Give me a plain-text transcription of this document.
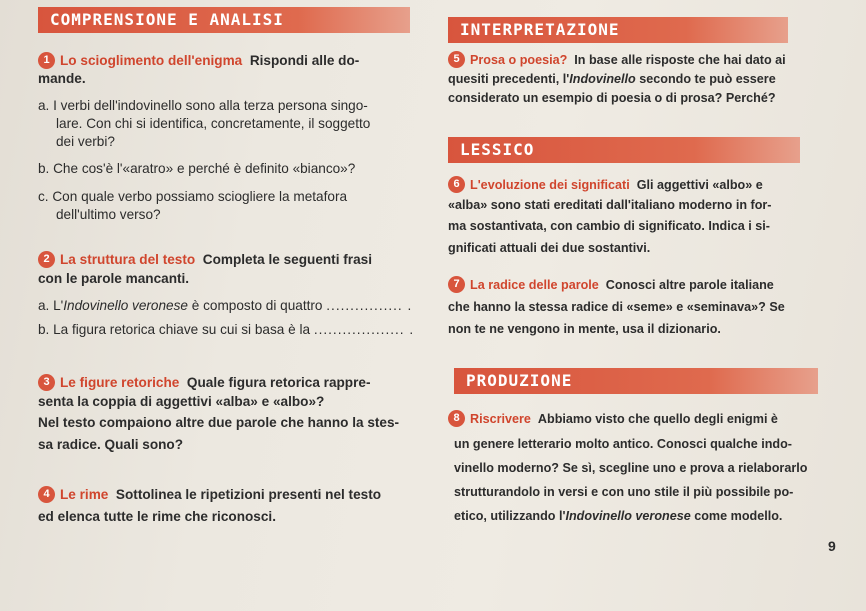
COMPRENSIONE E ANALISI
1 Lo scioglimento dell'enigma Rispondi alle do-
mande.
a. I verbi dell'indovinello sono alla terza persona singo-
lare. Con chi si identifica, concretamente, il soggetto
dei verbi?
b. Che cos'è l'«aratro» e perché è definito «bianco»?
c. Con quale verbo possiamo sciogliere la metafora
dell'ultimo verso?
2 La struttura del testo Completa le seguenti frasi
con le parole mancanti.
a. L'Indovinello veronese è composto di quattro ................ .
b. La figura retorica chiave su cui si basa è la ................... .
3 Le figure retoriche Quale figura retorica rappre-
senta la coppia di aggettivi «alba» e «albo»?
Nel testo compaiono altre due parole che hanno la stes-
sa radice. Quali sono?
4 Le rime Sottolinea le ripetizioni presenti nel testo
ed elenca tutte le rime che riconosci.
INTERPRETAZIONE
5 Prosa o poesia? In base alle risposte che hai dato ai
quesiti precedenti, l'Indovinello secondo te può essere
considerato un esempio di poesia o di prosa? Perché?
LESSICO
6 L'evoluzione dei significati Gli aggettivi «albo» e
«alba» sono stati ereditati dall'italiano moderno in for-
ma sostantivata, con cambio di significato. Indica i si-
gnificati attuali dei due sostantivi.
7 La radice delle parole Conosci altre parole italiane
che hanno la stessa radice di «seme» e «seminava»? Se
non te ne vengono in mente, usa il dizionario.
PRODUZIONE
8 Riscrivere Abbiamo visto che quello degli enigmi è
un genere letterario molto antico. Conosci qualche indo-
vinello moderno? Se sì, scegline uno e prova a rielaborarlo
strutturandolo in versi e con uno stile il più possibile po-
etico, utilizzando l'Indovinello veronese come modello.
9
